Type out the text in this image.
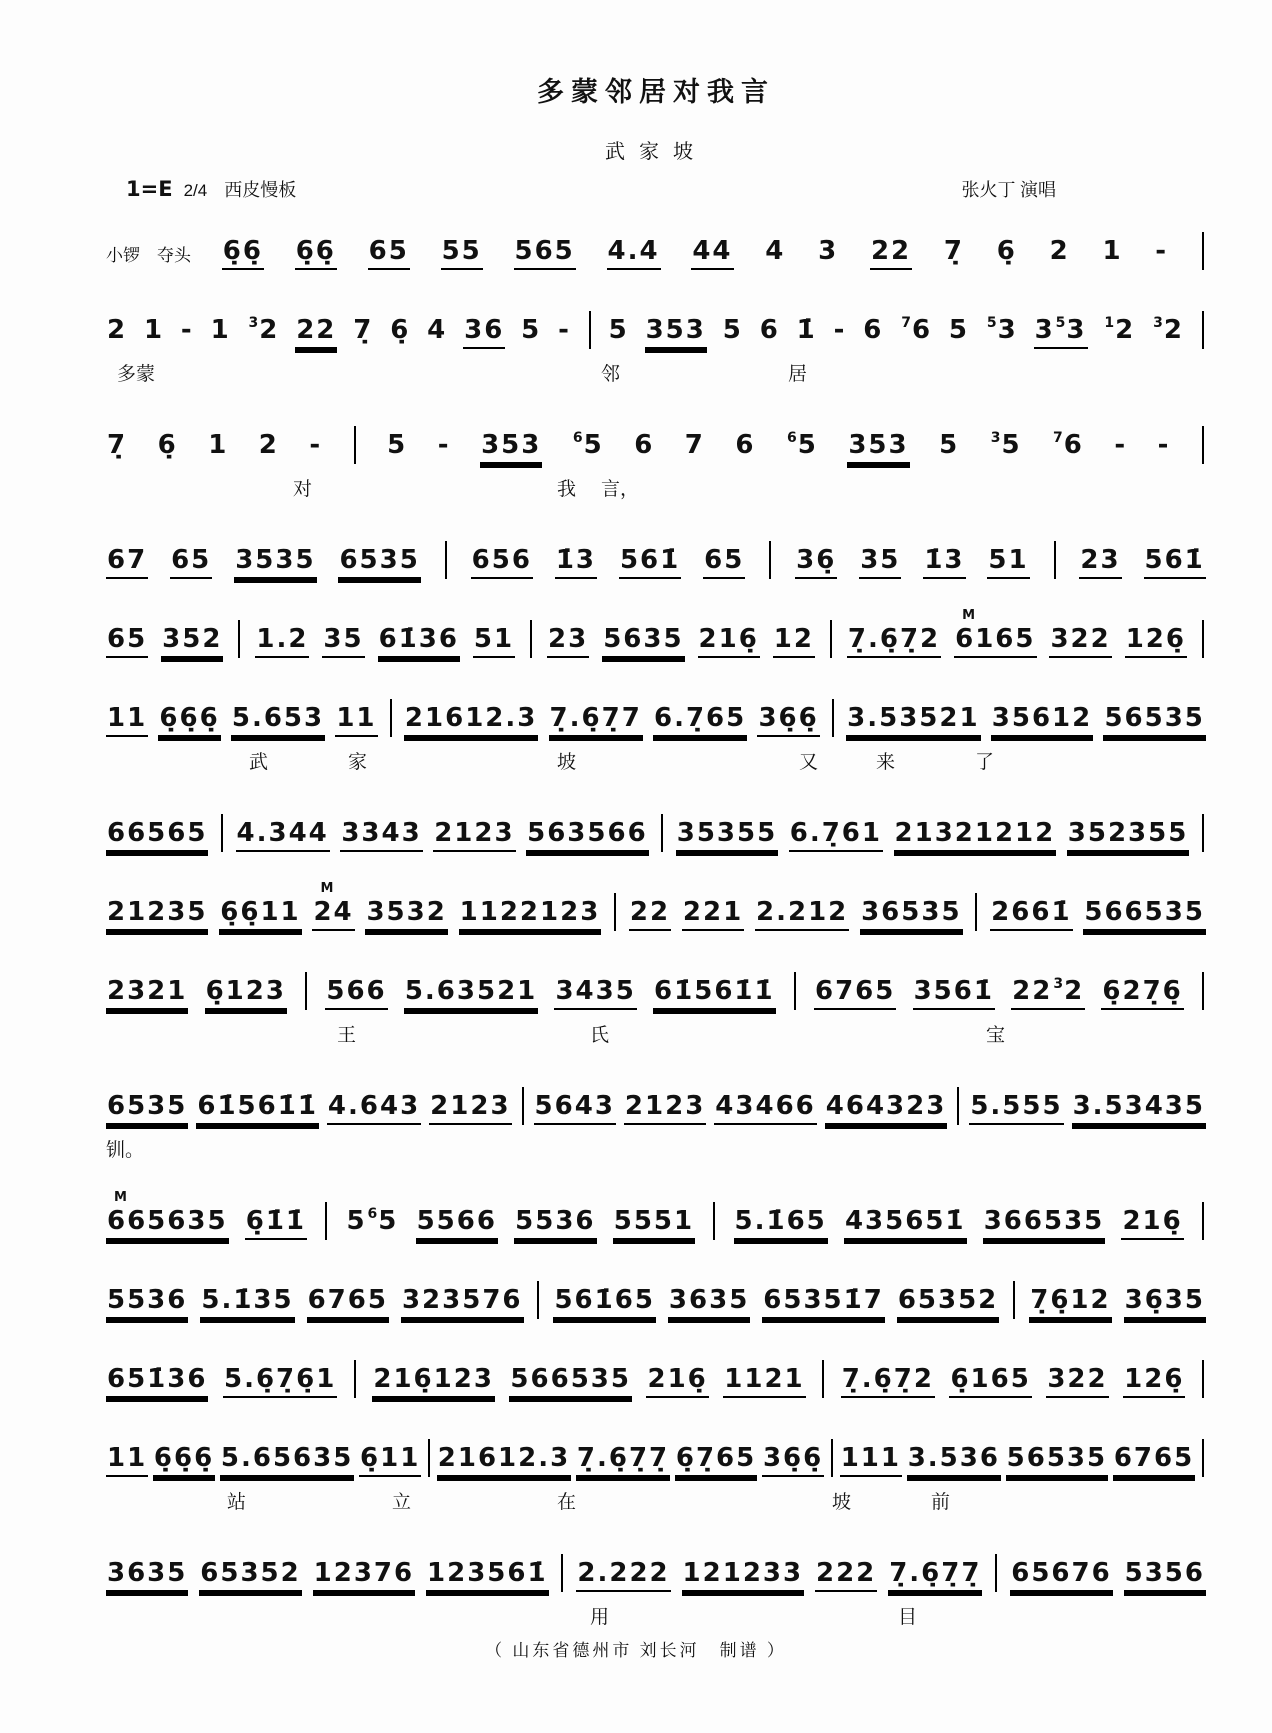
多蒙邻居对我言
武家坡
1=E 2/4 西皮慢板	张火丁 演唱
小锣　夺头 6̣6̣ 6̣6̣ 65 55 565 4.4 44 4 3 22 7̣ 6̣ 2 1 -
2 1 - 1 32 22 7̣ 6̣ 4 36 5 - 5 353 5 6 1̇ - 6 76 5 53 353 12 32
多蒙	邻	居
7̣ 6̣ 1 2 -	5 - 353 65 6 7 6 65 353 5 35 76 - -
对	我 言，
67 65 3535 6535 656 1̇3 561̇ 65 36̣ 35 1̇3 51 23 561̇
65 352 1.2 35 61̇36 51 23 5635 216̣ 12 7̣.6̣7̣2
M
6165 322 126̣
11 6̣6̣6̣ 5.653 11 21612.3 7̣.6̣7̣7 6.7̣65 36̣6̣ 3.53521 35612 56535
武	家	坡	又	来	了
66565 4.344 3343 2123 563566 35355 6.7̣61 21321212 352355
21235 6̣6̣11
M
24 3532 1122123 22 221 2.212 36535 2661̇ 566535
2321 6̣123 566 5.63521 3435 61̇561̇1̇ 6765 3561̇ 2232 6̣27̣6̣
王	氏	宝
6535 61̇561̇1̇ 4.643 2123 5643 2123 43466 464323 5.555 3.53435
钏。
M
665635 6̣1̇1̇ 565 5566 5536 5551 5.1̇65 435651̇ 366535 216̣
5536 5.1̇35 6765 323576 561̇65 3635 65351̇7 65352 7̣6̣12 36̣35
651̇36 5.6̣7̣6̣1 216̣123 566535 216̣ 1121 7̣.6̣7̣2 6̣165 322 126̣
11 6̣6̣6̣ 5.65635 6̣11 21612.3 7̣.6̣7̣7̣ 6̣7̣65 36̣6̣ 111 3.536 56535 6765
站	立	在	坡	前
3635 65352 12376 123561̇ 2.222 121233 222 7̣.6̣7̣7̣ 65676 5356
用	目
（ 山东省德州市 刘长河　制谱 ）
